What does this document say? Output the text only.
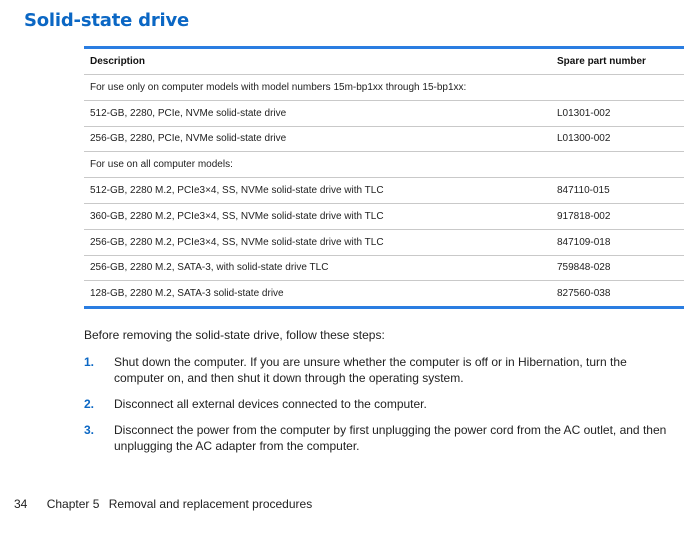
Solid-state drive
Description	Spare part number
For use only on computer models with model numbers 15m-bp1xx through 15-bp1xx:	
512-GB, 2280, PCIe, NVMe solid-state drive	L01301-002
256-GB, 2280, PCIe, NVMe solid-state drive	L01300-002
For use on all computer models:	
512-GB, 2280 M.2, PCIe3×4, SS, NVMe solid-state drive with TLC	847110-015
360-GB, 2280 M.2, PCIe3×4, SS, NVMe solid-state drive with TLC	917818-002
256-GB, 2280 M.2, PCIe3×4, SS, NVMe solid-state drive with TLC	847109-018
256-GB, 2280 M.2, SATA-3, with solid-state drive TLC	759848-028
128-GB, 2280 M.2, SATA-3 solid-state drive	827560-038
Before removing the solid-state drive, follow these steps:
1.	Shut down the computer. If you are unsure whether the computer is off or in Hibernation, turn the computer on, and then shut it down through the operating system.
2.	Disconnect all external devices connected to the computer.
3.	Disconnect the power from the computer by first unplugging the power cord from the AC outlet, and then unplugging the AC adapter from the computer.
34 Chapter 5 Removal and replacement procedures
